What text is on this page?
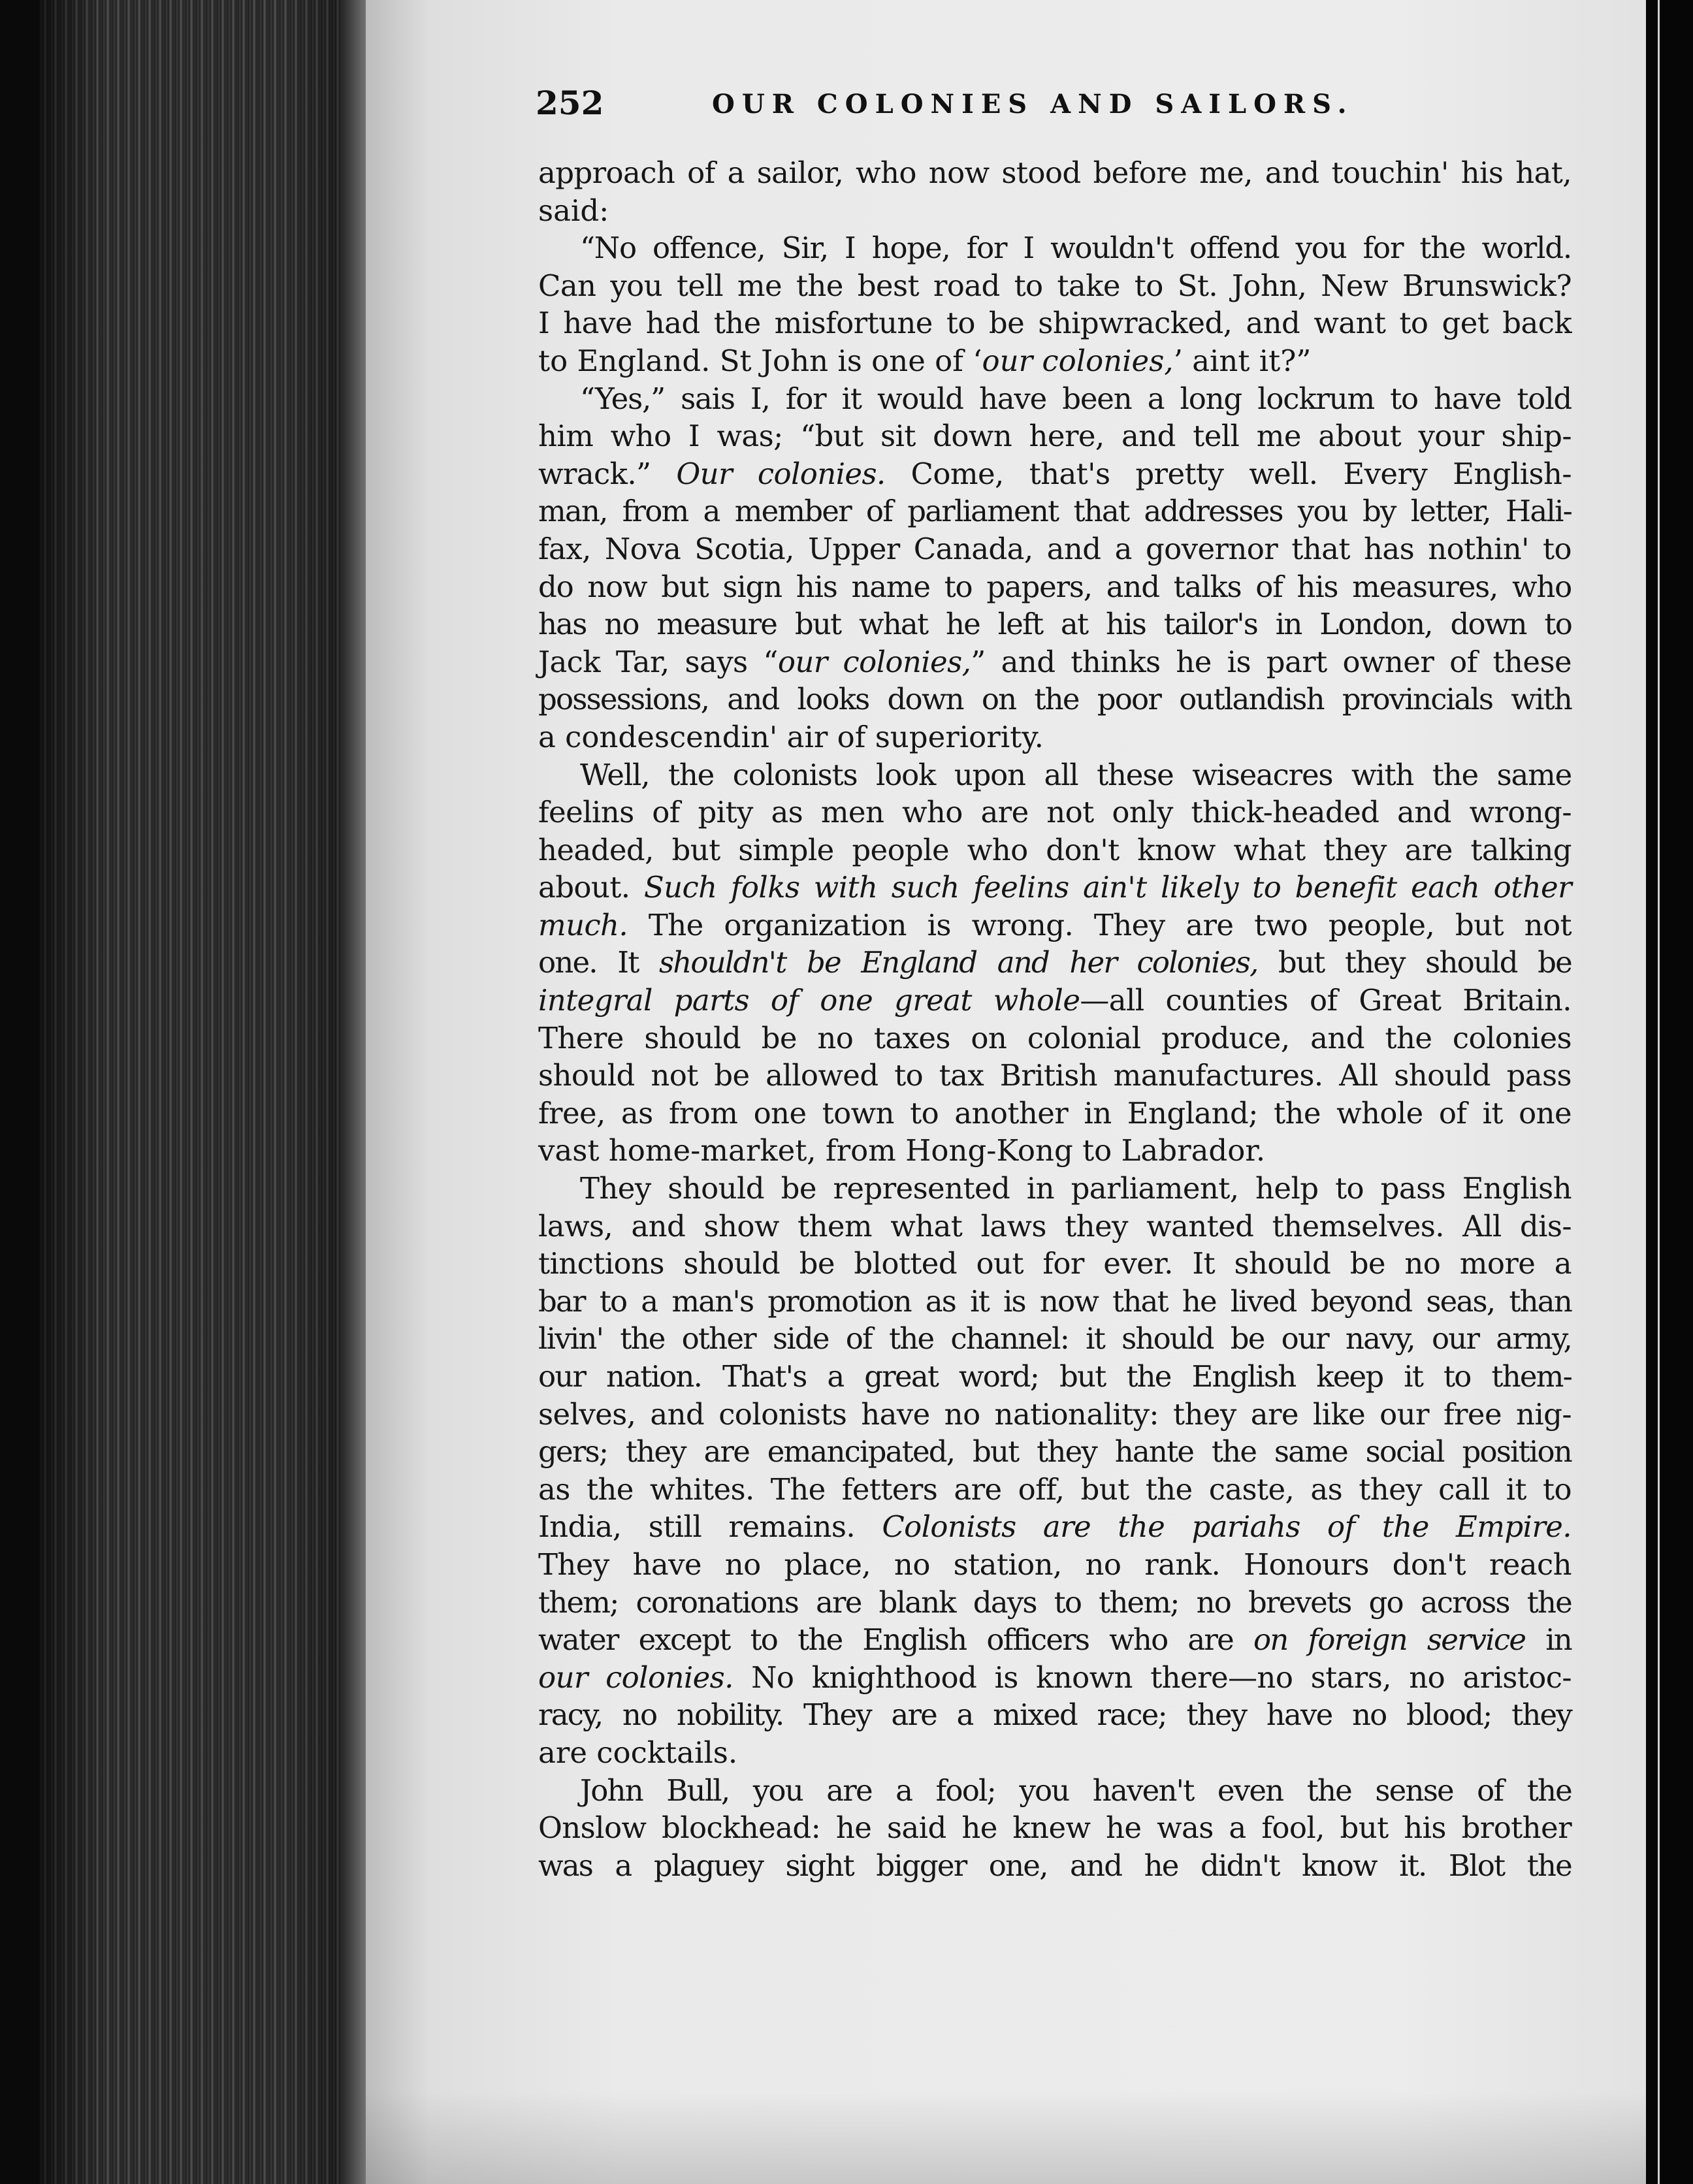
252	OUR COLONIES AND SAILORS.
approach of a sailor, who now stood before me, and touchin' his hat,
said:
“No offence, Sir, I hope, for I wouldn't offend you for the world.
Can you tell me the best road to take to St. John, New Brunswick?
I have had the misfortune to be shipwracked, and want to get back
to England. St John is one of ‘our colonies,’ aint it?”
“Yes,” sais I, for it would have been a long lockrum to have told
him who I was; “but sit down here, and tell me about your ship-
wrack.” Our colonies. Come, that's pretty well. Every English-
man, from a member of parliament that addresses you by letter, Hali-
fax, Nova Scotia, Upper Canada, and a governor that has nothin' to
do now but sign his name to papers, and talks of his measures, who
has no measure but what he left at his tailor's in London, down to
Jack Tar, says “our colonies,” and thinks he is part owner of these
possessions, and looks down on the poor outlandish provincials with
a condescendin' air of superiority.
Well, the colonists look upon all these wiseacres with the same
feelins of pity as men who are not only thick-headed and wrong-
headed, but simple people who don't know what they are talking
about. Such folks with such feelins ain't likely to benefit each other
much. The organization is wrong. They are two people, but not
one. It shouldn't be England and her colonies, but they should be
integral parts of one great whole—all counties of Great Britain.
There should be no taxes on colonial produce, and the colonies
should not be allowed to tax British manufactures. All should pass
free, as from one town to another in England; the whole of it one
vast home-market, from Hong-Kong to Labrador.
They should be represented in parliament, help to pass English
laws, and show them what laws they wanted themselves. All dis-
tinctions should be blotted out for ever. It should be no more a
bar to a man's promotion as it is now that he lived beyond seas, than
livin' the other side of the channel: it should be our navy, our army,
our nation. That's a great word; but the English keep it to them-
selves, and colonists have no nationality: they are like our free nig-
gers; they are emancipated, but they hante the same social position
as the whites. The fetters are off, but the caste, as they call it to
India, still remains. Colonists are the pariahs of the Empire.
They have no place, no station, no rank. Honours don't reach
them; coronations are blank days to them; no brevets go across the
water except to the English officers who are on foreign service in
our colonies. No knighthood is known there—no stars, no aristoc-
racy, no nobility. They are a mixed race; they have no blood; they
are cocktails.
John Bull, you are a fool; you haven't even the sense of the
Onslow blockhead: he said he knew he was a fool, but his brother
was a plaguey sight bigger one, and he didn't know it. Blot the
